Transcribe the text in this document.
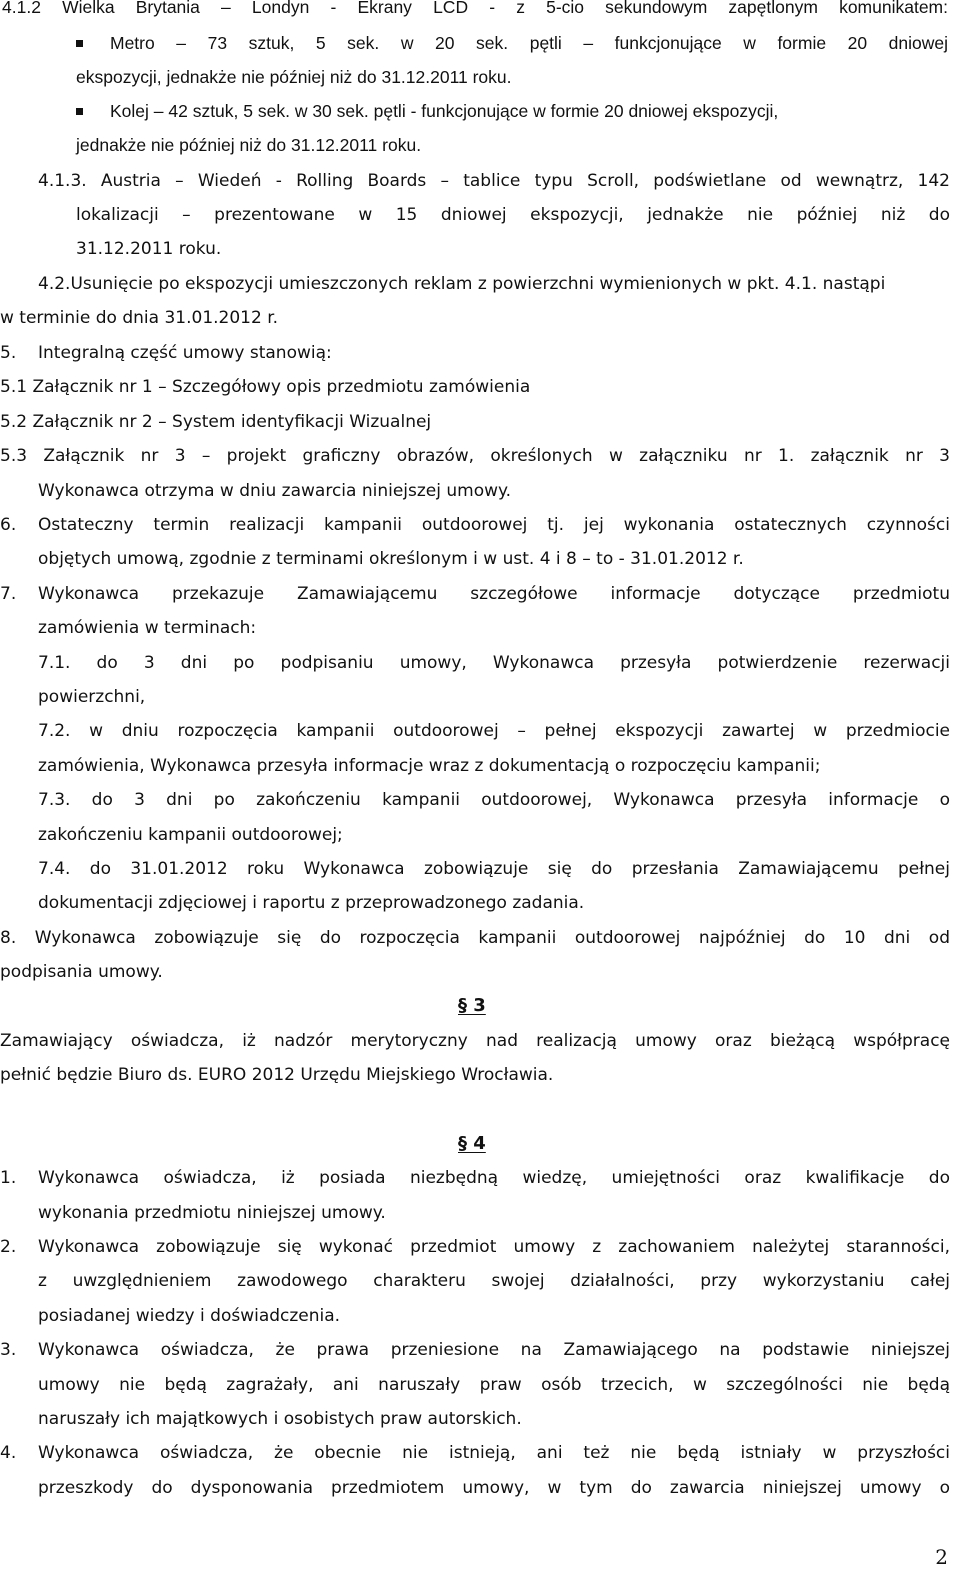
4.1.2 Wielka Brytania – Londyn - Ekrany LCD - z 5-cio sekundowym zapętlonym komunikatem:
Metro – 73 sztuk, 5 sek. w 20 sek. pętli – funkcjonujące w formie 20 dniowej
ekspozycji, jednakże nie później niż do 31.12.2011 roku.
Kolej – 42 sztuk, 5 sek. w 30 sek. pętli - funkcjonujące w formie 20 dniowej ekspozycji,
jednakże nie później niż do 31.12.2011 roku.
4.1.3. Austria – Wiedeń - Rolling Boards – tablice typu Scroll, podświetlane od wewnątrz, 142
lokalizacji – prezentowane w 15 dniowej ekspozycji, jednakże nie później niż do
31.12.2011 roku.
4.2.Usunięcie po ekspozycji umieszczonych reklam z powierzchni wymienionych w pkt. 4.1. nastąpi
w terminie do dnia 31.01.2012 r.
5. Integralną część umowy stanowią:
5.1 Załącznik nr 1 – Szczegółowy opis przedmiotu zamówienia
5.2 Załącznik nr 2 – System identyfikacji Wizualnej
5.3 Załącznik nr 3 – projekt graficzny obrazów, określonych w załączniku nr 1. załącznik nr 3
Wykonawca otrzyma w dniu zawarcia niniejszej umowy.
6. Ostateczny termin realizacji kampanii outdoorowej tj. jej wykonania ostatecznych czynności
objętych umową, zgodnie z terminami określonym i w ust. 4 i 8 – to - 31.01.2012 r.
7. Wykonawca przekazuje Zamawiającemu szczegółowe informacje dotyczące przedmiotu
zamówienia w terminach:
7.1. do 3 dni po podpisaniu umowy, Wykonawca przesyła potwierdzenie rezerwacji
powierzchni,
7.2. w dniu rozpoczęcia kampanii outdoorowej – pełnej ekspozycji zawartej w przedmiocie
zamówienia, Wykonawca przesyła informacje wraz z dokumentacją o rozpoczęciu kampanii;
7.3. do 3 dni po zakończeniu kampanii outdoorowej, Wykonawca przesyła informacje o
zakończeniu kampanii outdoorowej;
7.4. do 31.01.2012 roku Wykonawca zobowiązuje się do przesłania Zamawiającemu pełnej
dokumentacji zdjęciowej i raportu z przeprowadzonego zadania.
8. Wykonawca zobowiązuje się do rozpoczęcia kampanii outdoorowej najpóźniej do 10 dni od
podpisania umowy.
§ 3
Zamawiający oświadcza, iż nadzór merytoryczny nad realizacją umowy oraz bieżącą współpracę
pełnić będzie Biuro ds. EURO 2012 Urzędu Miejskiego Wrocławia.
§ 4
1. Wykonawca oświadcza, iż posiada niezbędną wiedzę, umiejętności oraz kwalifikacje do
wykonania przedmiotu niniejszej umowy.
2. Wykonawca zobowiązuje się wykonać przedmiot umowy z zachowaniem należytej staranności,
z uwzględnieniem zawodowego charakteru swojej działalności, przy wykorzystaniu całej
posiadanej wiedzy i doświadczenia.
3. Wykonawca oświadcza, że prawa przeniesione na Zamawiającego na podstawie niniejszej
umowy nie będą zagrażały, ani naruszały praw osób trzecich, w szczególności nie będą
naruszały ich majątkowych i osobistych praw autorskich.
4. Wykonawca oświadcza, że obecnie nie istnieją, ani też nie będą istniały w przyszłości
przeszkody do dysponowania przedmiotem umowy, w tym do zawarcia niniejszej umowy o
2
